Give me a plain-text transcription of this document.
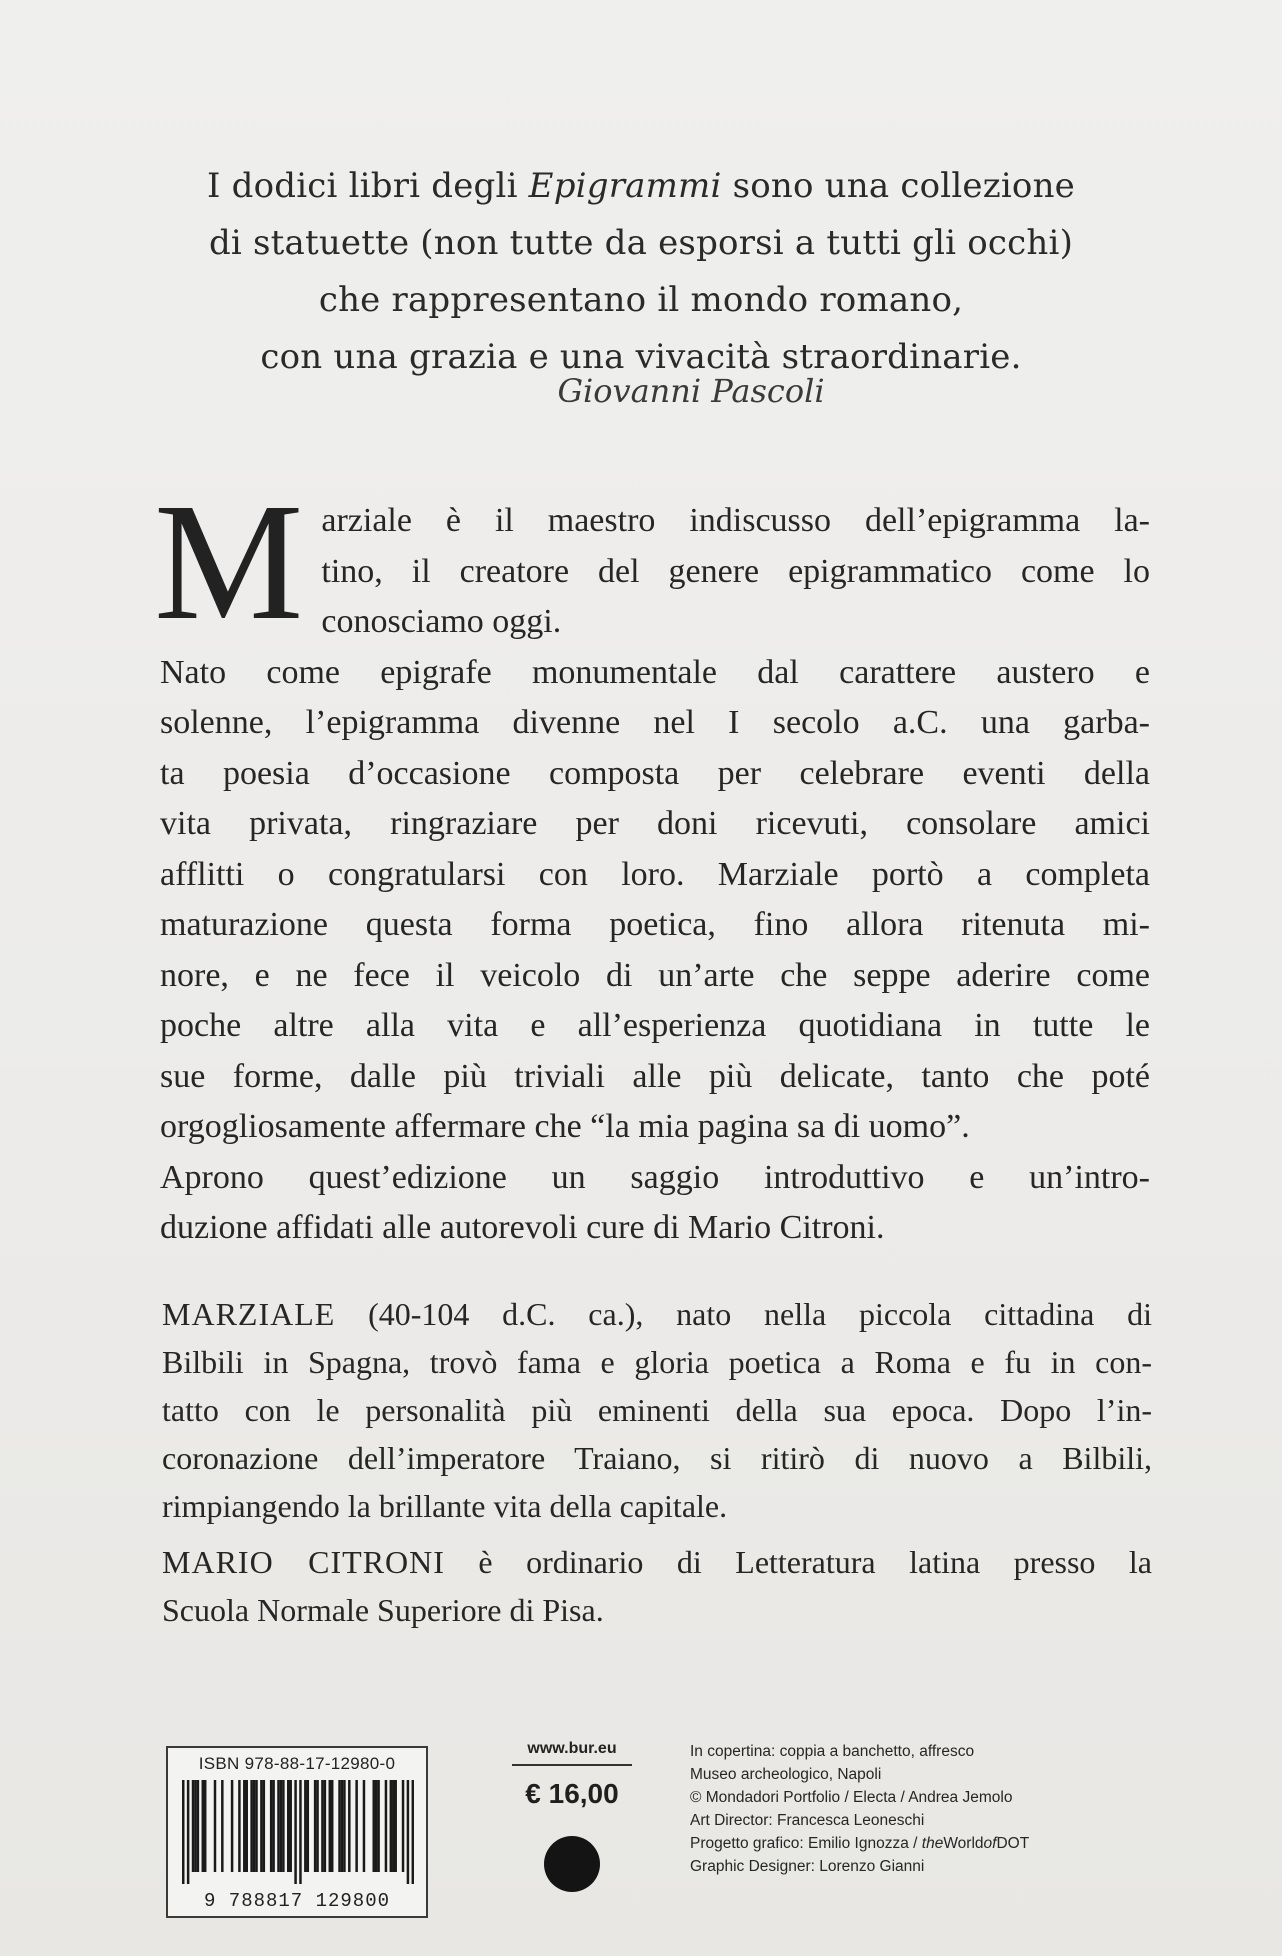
I dodici libri degli Epigrammi sono una collezione
di statuette (non tutte da esporsi a tutti gli occhi)
che rappresentano il mondo romano,
con una grazia e una vivacità straordinarie.
Giovanni Pascoli
M arziale è il maestro indiscusso dell’epigramma la-
tino, il creatore del genere epigrammatico come lo
conosciamo oggi.
Nato come epigrafe monumentale dal carattere austero e
solenne, l’epigramma divenne nel I secolo a.C. una garba-
ta poesia d’occasione composta per celebrare eventi della
vita privata, ringraziare per doni ricevuti, consolare amici
afflitti o congratularsi con loro. Marziale portò a completa
maturazione questa forma poetica, fino allora ritenuta mi-
nore, e ne fece il veicolo di un’arte che seppe aderire come
poche altre alla vita e all’esperienza quotidiana in tutte le
sue forme, dalle più triviali alle più delicate, tanto che poté
orgogliosamente affermare che “la mia pagina sa di uomo”.
Aprono quest’edizione un saggio introduttivo e un’intro-
duzione affidati alle autorevoli cure di Mario Citroni.
MARZIALE (40-104 d.C. ca.), nato nella piccola cittadina di
Bilbili in Spagna, trovò fama e gloria poetica a Roma e fu in con-
tatto con le personalità più eminenti della sua epoca. Dopo l’in-
coronazione dell’imperatore Traiano, si ritirò di nuovo a Bilbili,
rimpiangendo la brillante vita della capitale.
MARIO CITRONI è ordinario di Letteratura latina presso la
Scuola Normale Superiore di Pisa.
ISBN 978-88-17-12980-0
9 788817 129800
www.bur.eu
€ 16,00
In copertina: coppia a banchetto, affresco
Museo archeologico, Napoli
© Mondadori Portfolio / Electa / Andrea Jemolo
Art Director: Francesca Leoneschi
Progetto grafico: Emilio Ignozza / theWorldofDOT
Graphic Designer: Lorenzo Gianni
